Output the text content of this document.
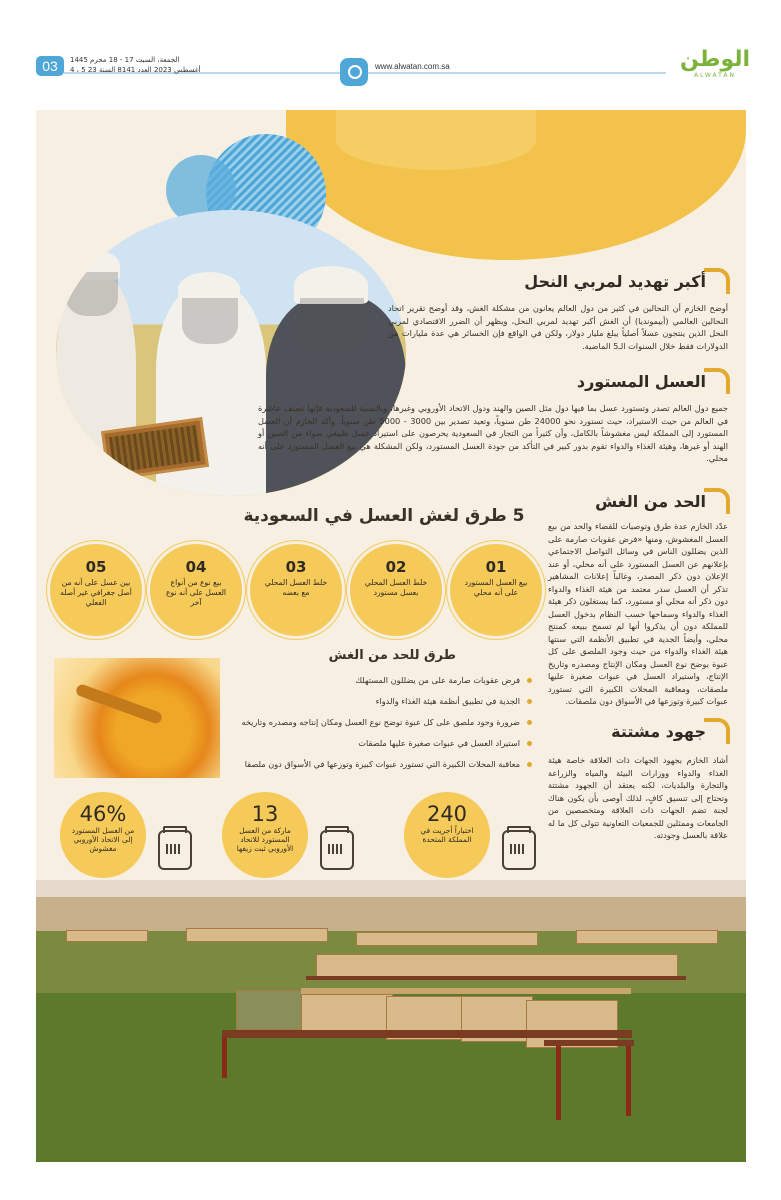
الوطن
ALWATAN
www.alwatan.com.sa
03	الجمعة، السبت 17 - 18 محرم 1445
4 ، 5 أغسطس 2023 العدد 8141 السنة 23
أكبر تهديد لمربي النحل
أوضح الخازم أن النحالين في كثير من دول العالم يعانون من مشكلة الغش، وقد أوضح تقرير اتحاد النحالين العالمي (أبيمونديا) أن الغش أكبر تهديد لمربي النحل، ويظهر أن الضرر الاقتصادي لمربي النحل الذين ينتجون عسلاً أصلياً يبلغ مليار دولار، ولكن في الواقع فإن الخسائر هي عدة مليارات من الدولارات فقط خلال السنوات الـ5 الماضية.
العسل المستورد
جميع دول العالم تصدر وتستورد عسل بما فيها دول مثل الصين والهند ودول الاتحاد الأوروبي وغيرها، وبالنسبة للسعودية فإنها تصنف عاشرة في العالم من حيث الاستيراد، حيث تستورد نحو 24000 طن سنوياً، وتعيد تصدير بين 3000 - 5000 طن سنوياً. وأكد الخازم أن العسل المستورد إلى المملكة ليس مغشوشاً بالكامل، وأن كثيراً من التجار في السعودية يحرصون على استيراد عسل طبيعي سواء من الصين أو الهند أو غيرها، وهيئة الغذاء والدواء تقوم بدور كبير في التأكد من جودة العسل المستورد، ولكن المشكلة هي بيع العسل المستورد على أنه محلي.
5 طرق لغش العسل في السعودية
01
بيع العسل المستورد على أنه محلي
02
خلط العسل المحلي بعسل مستورد
03
خلط العسل المحلي مع بعضه
04
بيع نوع من أنواع العسل على أنه نوع آخر
05
بين عسل على أنه من أصل جغرافي غير أصله الفعلي
الحد من الغش
عدّد الخازم عدة طرق وتوصيات للقضاء والحد من بيع العسل المغشوش، ومنها «فرض عقوبات صارمة على الذين يضللون الناس في وسائل التواصل الاجتماعي بإعلانهم عن العسل المستورد على أنه محلي، أو عند الإعلان دون ذكر المصدر، وغالباً إعلانات المشاهير تذكر أن العسل سدر معتمد من هيئة الغذاء والدواء دون ذكر أنه محلي أو مستورد، كما يستغلون ذكر هيئة الغذاء والدواء وسماحها حسب النظام بدخول العسل للمملكة دون أن يذكروا أنها لم تسمح ببيعه كمنتج محلي، وأيضاً الجدية في تطبيق الأنظمة التي سنتها هيئة الغذاء والدواء من حيث وجود الملصق على كل عبوة يوضح نوع العسل ومكان الإنتاج ومصدره وتاريخ الإنتاج، واستيراد العسل في عبوات صغيرة عليها ملصقات، ومعاقبة المحلات الكبيرة التي تستورد عبوات كبيرة وتوزعها في الأسواق دون ملصقات.
طرق للحد من الغش
فرض عقوبات صارمة على من يضللون المستهلك
الجدية في تطبيق أنظمة هيئة الغذاء والدواء
ضرورة وجود ملصق على كل عبوة توضح نوع العسل ومكان إنتاجه ومصدره وتاريخه
استيراد العسل في عبوات صغيرة عليها ملصقات
معاقبة المحلات الكبيرة التي تستورد عبوات كبيرة وتوزعها في الأسواق دون ملصقا
جهود مشتتة
أشاد الخازم بجهود الجهات ذات العلاقة خاصة هيئة الغذاء والدواء ووزارات البيئة والمياه والزراعة والتجارة والبلديات، لكنه يعتقد أن الجهود مشتتة وتحتاج إلى تنسيق كافٍ، لذلك أوصى بأن يكون هناك لجنة تضم الجهات ذات العلاقة ومتخصصين من الجامعات وممثلين للجمعيات التعاونية تتولى كل ما له علاقة بالعسل وجودته.
240
اختباراً أجريت في المملكة المتحدة
13
ماركة من العسل المستورد للاتحاد الأوروبي ثبت زيفها
46%
من العسل المستورد إلى الاتحاد الأوروبي مغشوش
